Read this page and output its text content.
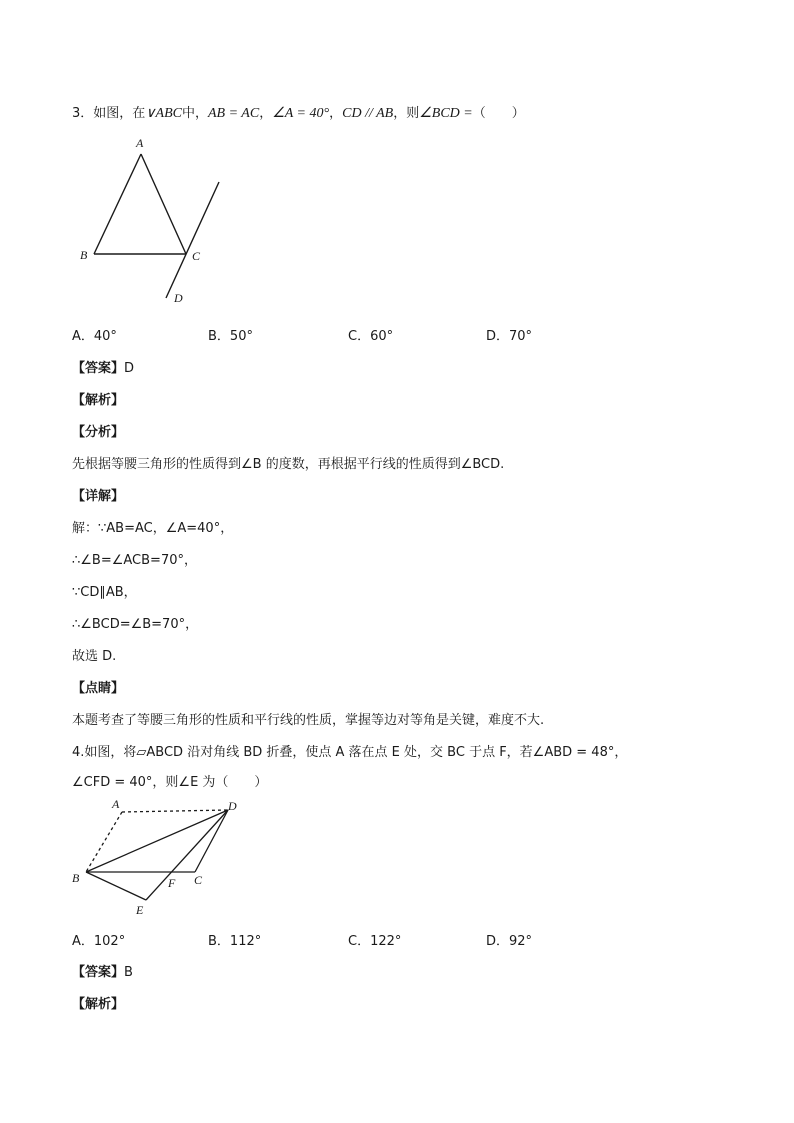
3．如图，在∨ABC中，AB = AC，∠A = 40°，CD // AB，则∠BCD =（　　）
A
B	C
D
A．40°	B．50°	C．60°	D．70°
【答案】D
【解析】
【分析】
先根据等腰三角形的性质得到∠B 的度数，再根据平行线的性质得到∠BCD.
【详解】
解：∵AB=AC，∠A=40°，
∴∠B=∠ACB=70°，
∵CD∥AB，
∴∠BCD=∠B=70°，
故选 D.
【点睛】
本题考查了等腰三角形的性质和平行线的性质，掌握等边对等角是关键，难度不大.
4.如图，将▱ABCD 沿对角线 BD 折叠，使点 A 落在点 E 处，交 BC 于点 F，若∠ABD = 48°，
∠CFD = 40°，则∠E 为（　　）
A	D
B	C
F
E
A．102°	B．112°	C．122°	D．92°
【答案】B
【解析】
